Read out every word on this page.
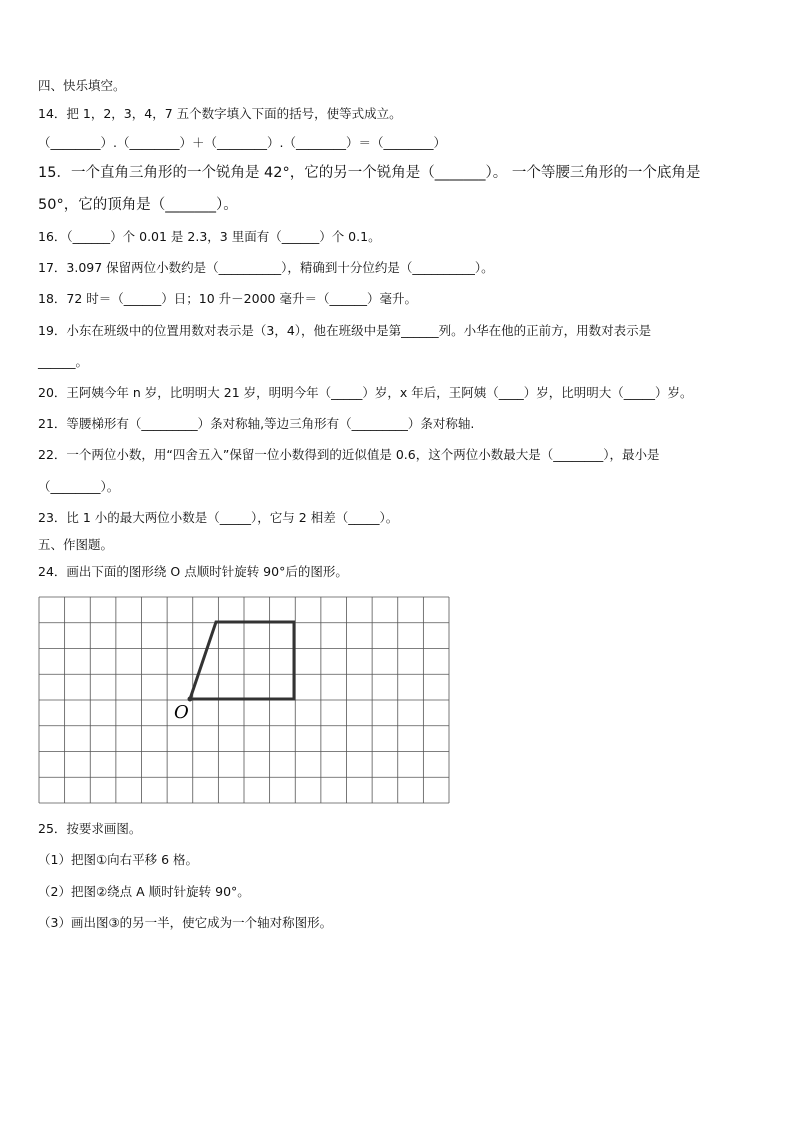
四、快乐填空。
14．把 1，2，3，4，7 五个数字填入下面的括号，使等式成立。
（________）.（________）＋（________）.（________）＝（________）
15．一个直角三角形的一个锐角是 42°，它的另一个锐角是（_______）。 一个等腰三角形的一个底角是
50°，它的顶角是（_______）。
16．（______）个 0.01 是 2.3，3 里面有（______）个 0.1。
17．3.097 保留两位小数约是（__________），精确到十分位约是（__________）。
18．72 时＝（______）日；10 升－2000 毫升＝（______）毫升。
19．小东在班级中的位置用数对表示是（3，4），他在班级中是第______列。小华在他的正前方，用数对表示是
______。
20．王阿姨今年 n 岁，比明明大 21 岁，明明今年（_____）岁，x 年后，王阿姨（____）岁，比明明大（_____）岁。
21．等腰梯形有（_________）条对称轴,等边三角形有（_________）条对称轴.
22．一个两位小数，用“四舍五入”保留一位小数得到的近似值是 0.6，这个两位小数最大是（________），最小是
（________）。
23．比 1 小的最大两位小数是（_____），它与 2 相差（_____）。
五、作图题。
24．画出下面的图形绕 O 点顺时针旋转 90°后的图形。
O
25．按要求画图。
（1）把图①向右平移 6 格。
（2）把图②绕点 A 顺时针旋转 90°。
（3）画出图③的另一半，使它成为一个轴对称图形。
